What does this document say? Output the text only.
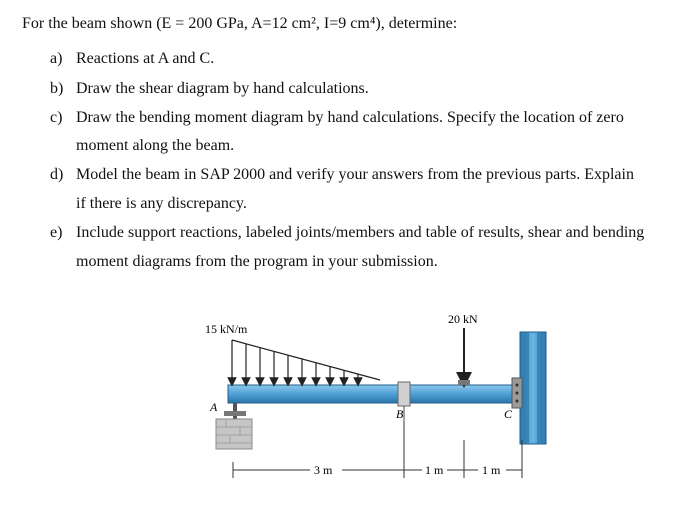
For the beam shown (E = 200 GPa, A=12 cm², I=9 cm⁴), determine:
a) Reactions at A and C.
b) Draw the shear diagram by hand calculations.
c) Draw the bending moment diagram by hand calculations. Specify the location of zero
moment along the beam.
d) Model the beam in SAP 2000 and verify your answers from the previous parts. Explain
if there is any discrepancy.
e) Include support reactions, labeled joints/members and table of results, shear and bending
moment diagrams from the program in your submission.
15 kN/m
20 kN
A	B	C
3 m	1 m	1 m
